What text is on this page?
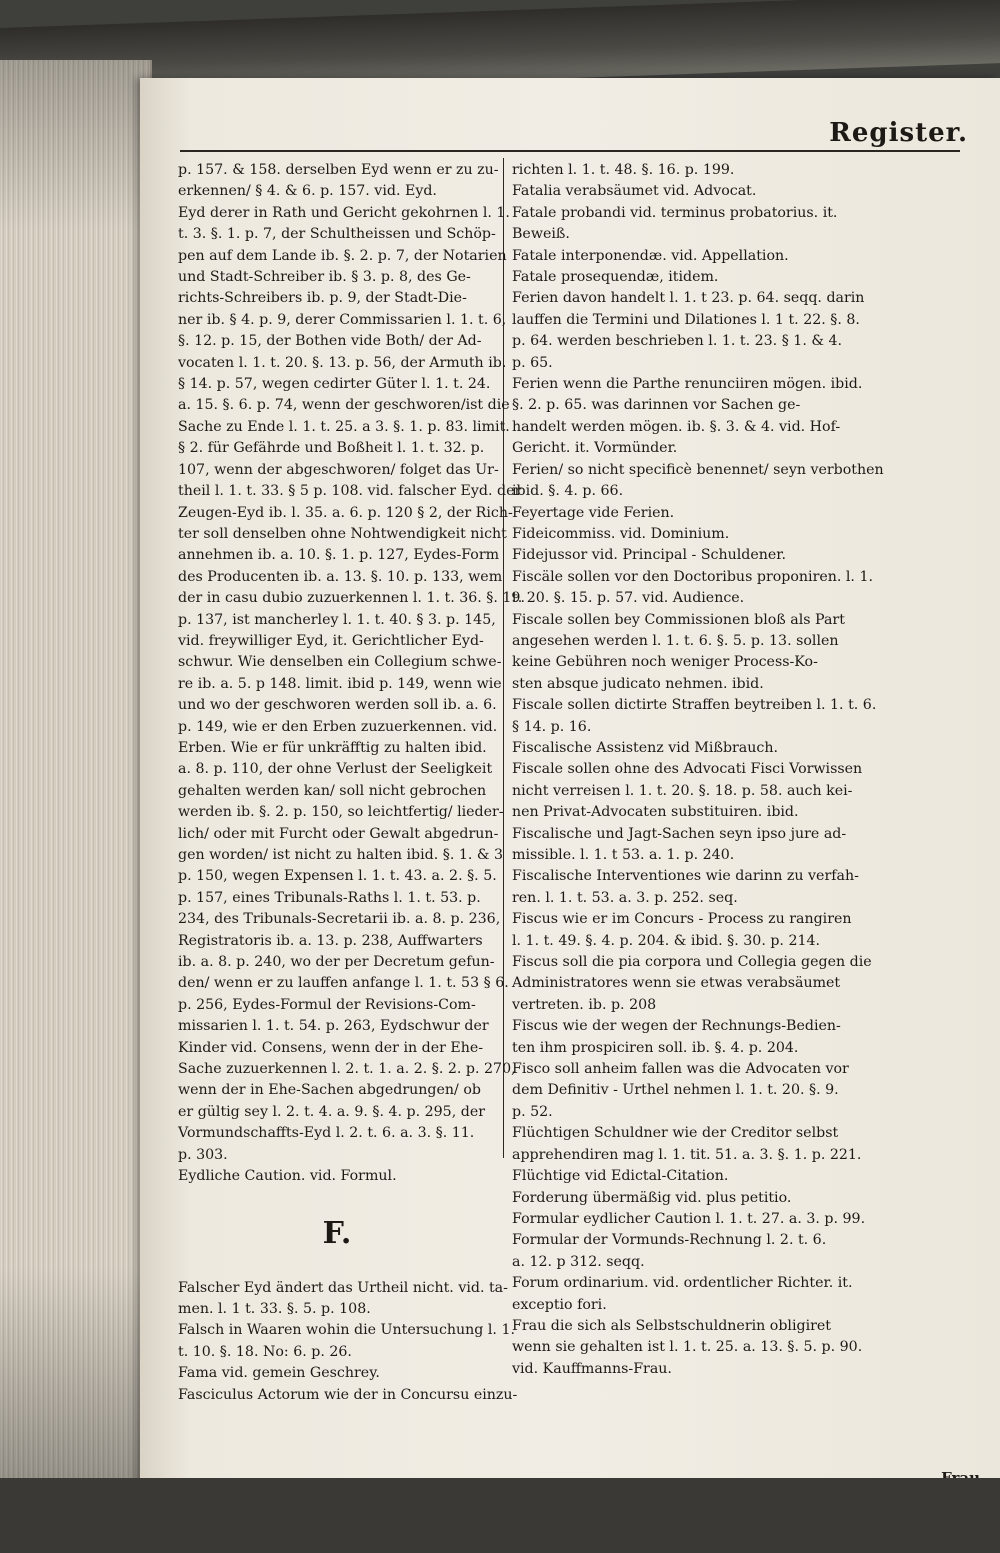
Register.
p. 157. & 158. derselben Eyd wenn er zu zu-
erkennen/ § 4. & 6. p. 157. vid. Eyd.
Eyd derer in Rath und Gericht gekohrnen l. 1.
t. 3. §. 1. p. 7, der Schultheissen und Schöp-
pen auf dem Lande ib. §. 2. p. 7, der Notarien
und Stadt-Schreiber ib. § 3. p. 8, des Ge-
richts-Schreibers ib. p. 9, der Stadt-Die-
ner ib. § 4. p. 9, derer Commissarien l. 1. t. 6,
§. 12. p. 15, der Bothen vide Both/ der Ad-
vocaten l. 1. t. 20. §. 13. p. 56, der Armuth ib.
§ 14. p. 57, wegen cedirter Güter l. 1. t. 24.
a. 15. §. 6. p. 74, wenn der geschworen/ist die
Sache zu Ende l. 1. t. 25. a 3. §. 1. p. 83. limit.
§ 2. für Gefährde und Boßheit l. 1. t. 32. p.
107, wenn der abgeschworen/ folget das Ur-
theil l. 1. t. 33. § 5 p. 108. vid. falscher Eyd. der
Zeugen-Eyd ib. l. 35. a. 6. p. 120 § 2, der Rich-
ter soll denselben ohne Nohtwendigkeit nicht
annehmen ib. a. 10. §. 1. p. 127, Eydes-Form
des Producenten ib. a. 13. §. 10. p. 133, wem
der in casu dubio zuzuerkennen l. 1. t. 36. §. 19.
p. 137, ist mancherley l. 1. t. 40. § 3. p. 145,
vid. freywilliger Eyd, it. Gerichtlicher Eyd-
schwur. Wie denselben ein Collegium schwe-
re ib. a. 5. p 148. limit. ibid p. 149, wenn wie
und wo der geschworen werden soll ib. a. 6.
p. 149, wie er den Erben zuzuerkennen. vid.
Erben. Wie er für unkräfftig zu halten ibid.
a. 8. p. 110, der ohne Verlust der Seeligkeit
gehalten werden kan/ soll nicht gebrochen
werden ib. §. 2. p. 150, so leichtfertig/ lieder-
lich/ oder mit Furcht oder Gewalt abgedrun-
gen worden/ ist nicht zu halten ibid. §. 1. & 3
p. 150, wegen Expensen l. 1. t. 43. a. 2. §. 5.
p. 157, eines Tribunals-Raths l. 1. t. 53. p.
234, des Tribunals-Secretarii ib. a. 8. p. 236,
Registratoris ib. a. 13. p. 238, Auffwarters
ib. a. 8. p. 240, wo der per Decretum gefun-
den/ wenn er zu lauffen anfange l. 1. t. 53 § 6.
p. 256, Eydes-Formul der Revisions-Com-
missarien l. 1. t. 54. p. 263, Eydschwur der
Kinder vid. Consens, wenn der in der Ehe-
Sache zuzuerkennen l. 2. t. 1. a. 2. §. 2. p. 270,
wenn der in Ehe-Sachen abgedrungen/ ob
er gültig sey l. 2. t. 4. a. 9. §. 4. p. 295, der
Vormundschaffts-Eyd l. 2. t. 6. a. 3. §. 11.
p. 303.
Eydliche Caution. vid. Formul.
F.
Falscher Eyd ändert das Urtheil nicht. vid. ta-
men. l. 1 t. 33. §. 5. p. 108.
Falsch in Waaren wohin die Untersuchung l. 1.
t. 10. §. 18. No: 6. p. 26.
Fama vid. gemein Geschrey.
Fasciculus Actorum wie der in Concursu einzu-
richten l. 1. t. 48. §. 16. p. 199.
Fatalia verabsäumet vid. Advocat.
Fatale probandi vid. terminus probatorius. it.
Beweiß.
Fatale interponendæ. vid. Appellation.
Fatale prosequendæ, itidem.
Ferien davon handelt l. 1. t 23. p. 64. seqq. darin
lauffen die Termini und Dilationes l. 1 t. 22. §. 8.
p. 64. werden beschrieben l. 1. t. 23. § 1. & 4.
p. 65.
Ferien wenn die Parthe renunciiren mögen. ibid.
§. 2. p. 65. was darinnen vor Sachen ge-
handelt werden mögen. ib. §. 3. & 4. vid. Hof-
Gericht. it. Vormünder.
Ferien/ so nicht specificè benennet/ seyn verbothen
ibid. §. 4. p. 66.
Feyertage vide Ferien.
Fideicommiss. vid. Dominium.
Fidejussor vid. Principal - Schuldener.
Fiscäle sollen vor den Doctoribus proponiren. l. 1.
t. 20. §. 15. p. 57. vid. Audience.
Fiscale sollen bey Commissionen bloß als Part
angesehen werden l. 1. t. 6. §. 5. p. 13. sollen
keine Gebühren noch weniger Process-Ko-
sten absque judicato nehmen. ibid.
Fiscale sollen dictirte Straffen beytreiben l. 1. t. 6.
§ 14. p. 16.
Fiscalische Assistenz vid Mißbrauch.
Fiscale sollen ohne des Advocati Fisci Vorwissen
nicht verreisen l. 1. t. 20. §. 18. p. 58. auch kei-
nen Privat-Advocaten substituiren. ibid.
Fiscalische und Jagt-Sachen seyn ipso jure ad-
missible. l. 1. t 53. a. 1. p. 240.
Fiscalische Interventiones wie darinn zu verfah-
ren. l. 1. t. 53. a. 3. p. 252. seq.
Fiscus wie er im Concurs - Process zu rangiren
l. 1. t. 49. §. 4. p. 204. & ibid. §. 30. p. 214.
Fiscus soll die pia corpora und Collegia gegen die
Administratores wenn sie etwas verabsäumet
vertreten. ib. p. 208
Fiscus wie der wegen der Rechnungs-Bedien-
ten ihm prospiciren soll. ib. §. 4. p. 204.
Fisco soll anheim fallen was die Advocaten vor
dem Definitiv - Urthel nehmen l. 1. t. 20. §. 9.
p. 52.
Flüchtigen Schuldner wie der Creditor selbst
apprehendiren mag l. 1. tit. 51. a. 3. §. 1. p. 221.
Flüchtige vid Edictal-Citation.
Forderung übermäßig vid. plus petitio.
Formular eydlicher Caution l. 1. t. 27. a. 3. p. 99.
Formular der Vormunds-Rechnung l. 2. t. 6.
a. 12. p 312. seqq.
Forum ordinarium. vid. ordentlicher Richter. it.
exceptio fori.
Frau die sich als Selbstschuldnerin obligiret
wenn sie gehalten ist l. 1. t. 25. a. 13. §. 5. p. 90.
vid. Kauffmanns-Frau.
